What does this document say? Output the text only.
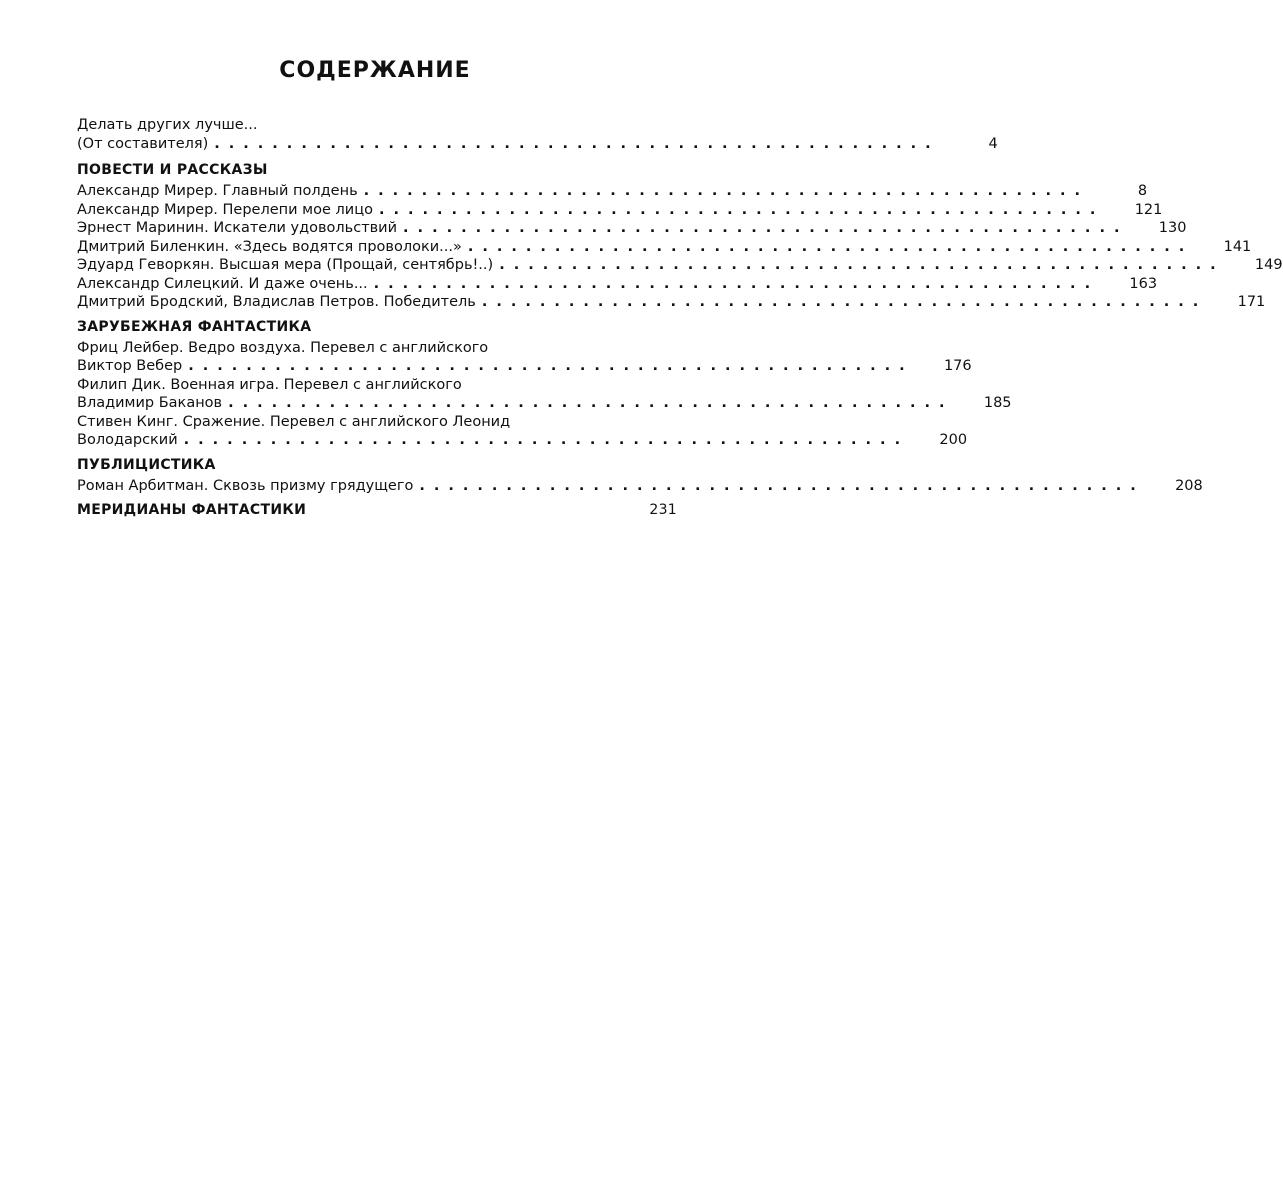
СОДЕРЖАНИЕ
Делать других лучше...
(От составителя) ..................................................	4
ПОВЕСТИ И РАССКАЗЫ
Александр Мирер. Главный полдень ..................................................	8
Александр Мирер. Перелепи мое лицо ..................................................	121
Эрнест Маринин. Искатели удовольствий ..................................................	130
Дмитрий Биленкин. «Здесь водятся проволоки...» ..................................................	141
Эдуард Геворкян. Высшая мера (Прощай, сентябрь!..) ..................................................	149
Александр Силецкий. И даже очень... ..................................................	163
Дмитрий Бродский, Владислав Петров. Победитель ..................................................	171
ЗАРУБЕЖНАЯ ФАНТАСТИКА
Фриц Лейбер. Ведро воздуха. Перевел с английского
Виктор Вебер ..................................................	176
Филип Дик. Военная игра. Перевел с английского
Владимир Баканов ..................................................	185
Стивен Кинг. Сражение. Перевел с английского Леонид
Володарский ..................................................	200
ПУБЛИЦИСТИКА
Роман Арбитман. Сквозь призму грядущего ..................................................	208
МЕРИДИАНЫ ФАНТАСТИКИ	231
